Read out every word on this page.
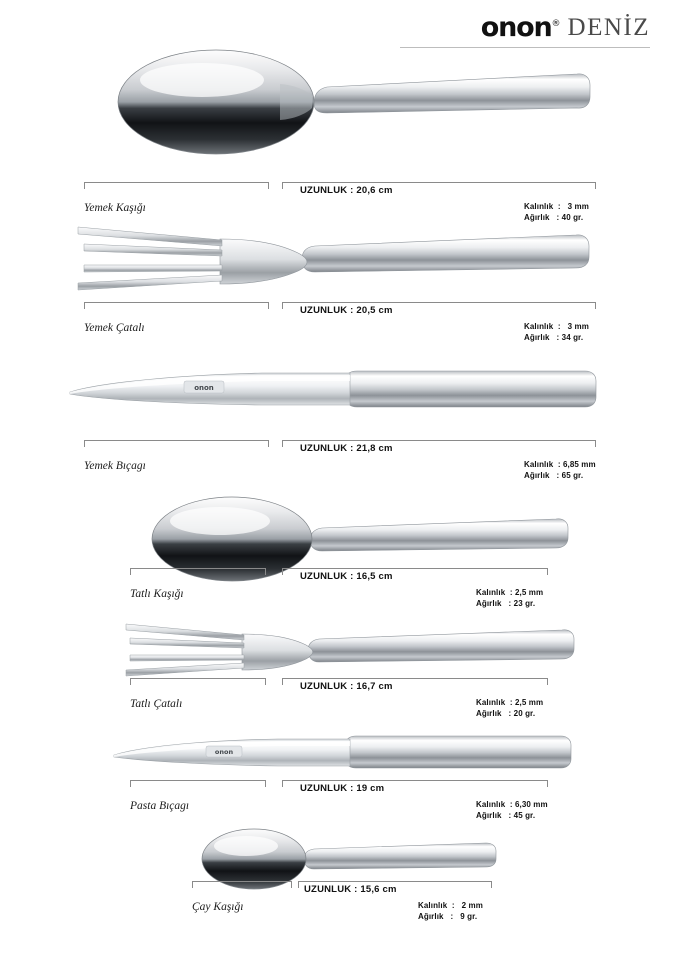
onon® DENİZ
Yemek Kaşığı
UZUNLUK : 20,6 cm
Kalınlık  :   3 mm
Ağırlık   : 40 gr.
Yemek Çatalı
UZUNLUK : 20,5 cm
Kalınlık  :   3 mm
Ağırlık   : 34 gr.
onon
Yemek Bıçagı
UZUNLUK : 21,8 cm
Kalınlık  : 6,85 mm
Ağırlık   : 65 gr.
Tatlı Kaşığı
UZUNLUK : 16,5 cm
Kalınlık  : 2,5 mm
Ağırlık   : 23 gr.
Tatlı Çatalı
UZUNLUK : 16,7 cm
Kalınlık  : 2,5 mm
Ağırlık   : 20 gr.
onon
Pasta Bıçagı
UZUNLUK : 19 cm
Kalınlık  : 6,30 mm
Ağırlık   : 45 gr.
Çay Kaşığı
UZUNLUK : 15,6 cm
Kalınlık  :   2 mm
Ağırlık   :   9 gr.
